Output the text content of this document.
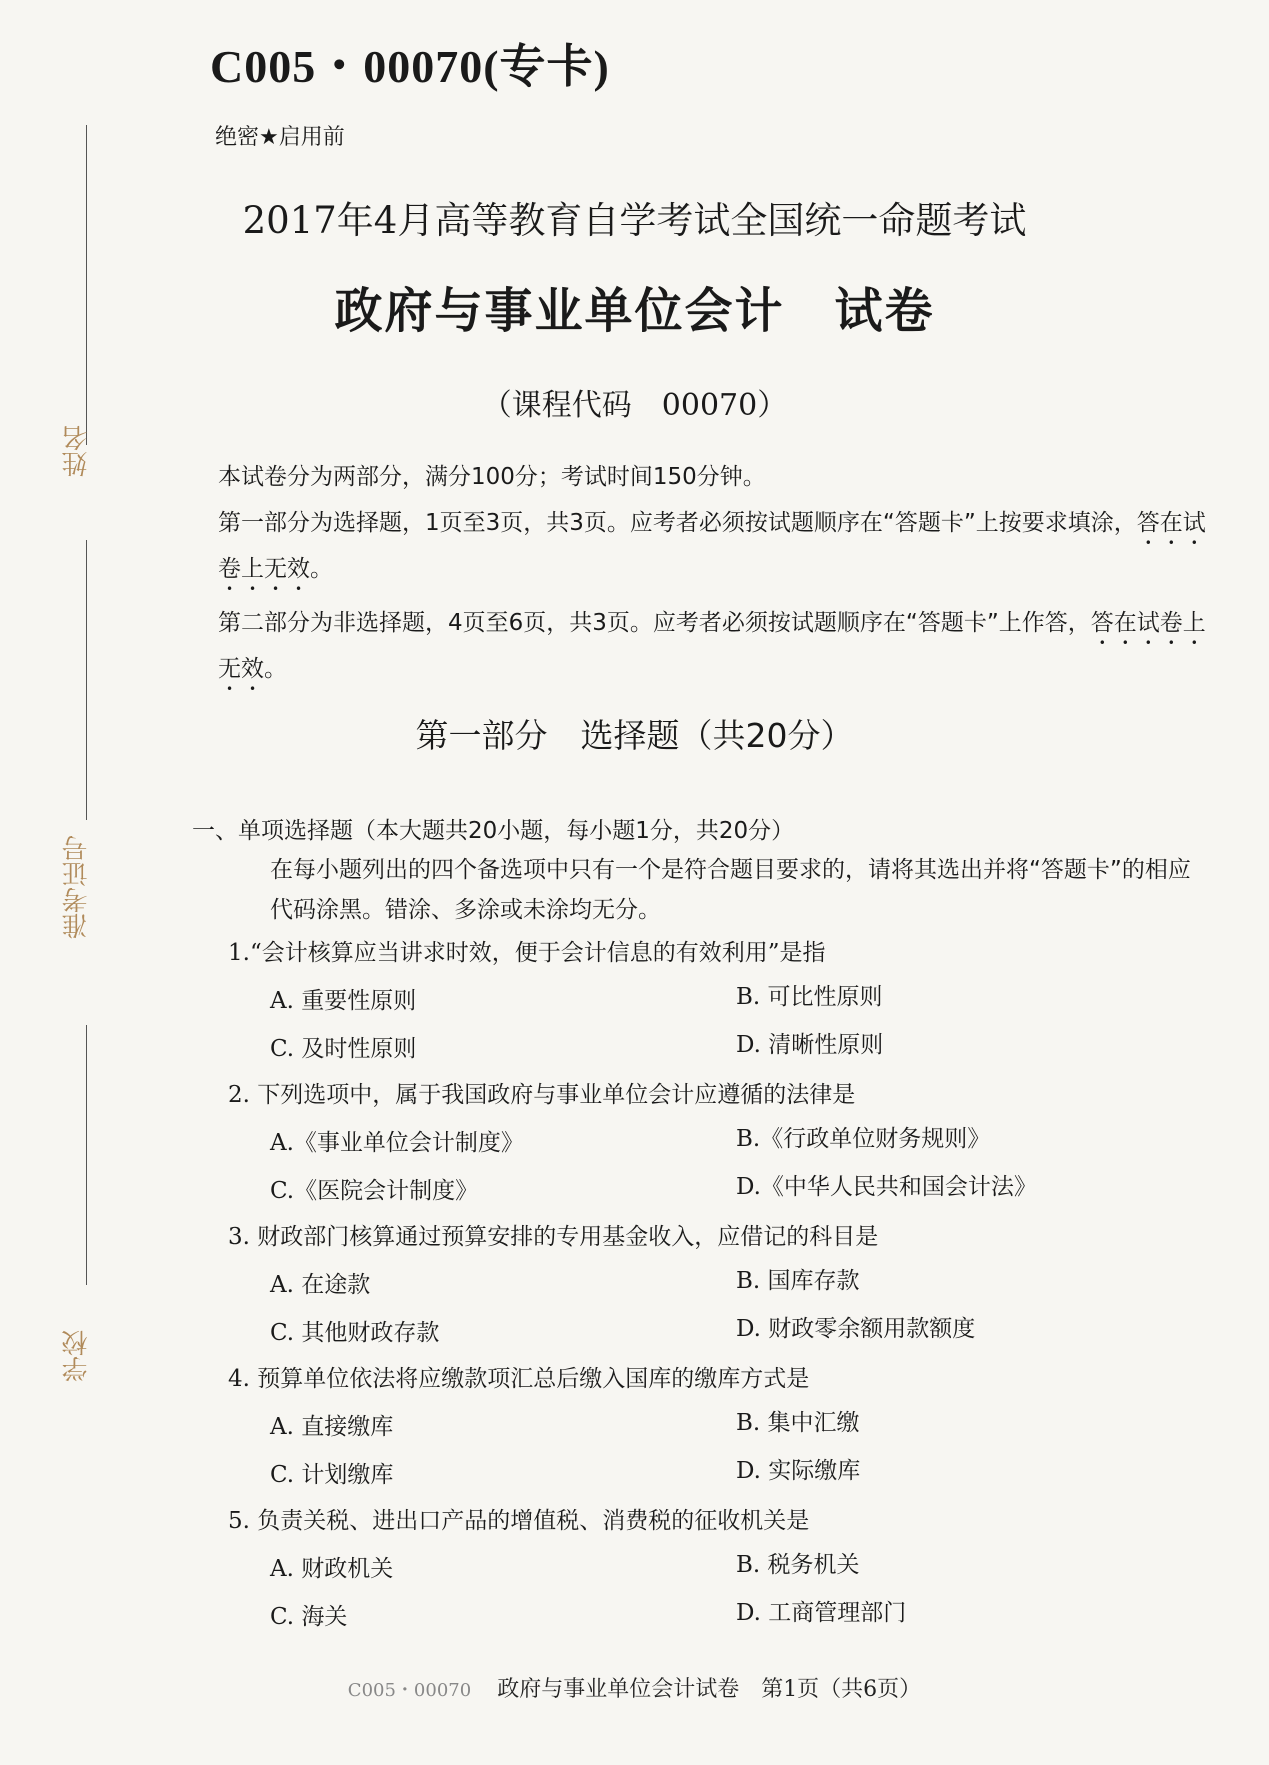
姓名
准考证号
学校
C005・00070(专卡)
绝密★启用前
2017年4月高等教育自学考试全国统一命题考试
政府与事业单位会计　试卷
（课程代码　00070）

本试卷分为两部分，满分100分；考试时间150分钟。

第一部分为选择题，1页至3页，共3页。应考者必须按试题顺序在“答题卡”上按要求填涂，答在试卷上无效。

第二部分为非选择题，4页至6页，共3页。应考者必须按试题顺序在“答题卡”上作答，答在试卷上无效。

第一部分　选择题（共20分）
一、单项选择题（本大题共20小题，每小题1分，共20分）
在每小题列出的四个备选项中只有一个是符合题目要求的，请将其选出并将“答题卡”的相应代码涂黑。错涂、多涂或未涂均无分。
1.“会计核算应当讲求时效，便于会计信息的有效利用”是指
A. 重要性原则	B. 可比性原则
C. 及时性原则	D. 清晰性原则
2. 下列选项中，属于我国政府与事业单位会计应遵循的法律是
A.《事业单位会计制度》	B.《行政单位财务规则》
C.《医院会计制度》	D.《中华人民共和国会计法》
3. 财政部门核算通过预算安排的专用基金收入，应借记的科目是
A. 在途款	B. 国库存款
C. 其他财政存款	D. 财政零余额用款额度
4. 预算单位依法将应缴款项汇总后缴入国库的缴库方式是
A. 直接缴库	B. 集中汇缴
C. 计划缴库	D. 实际缴库
5. 负责关税、进出口产品的增值税、消费税的征收机关是
A. 财政机关	B. 税务机关
C. 海关	D. 工商管理部门
C005・00070 政府与事业单位会计试卷　第1页（共6页）
